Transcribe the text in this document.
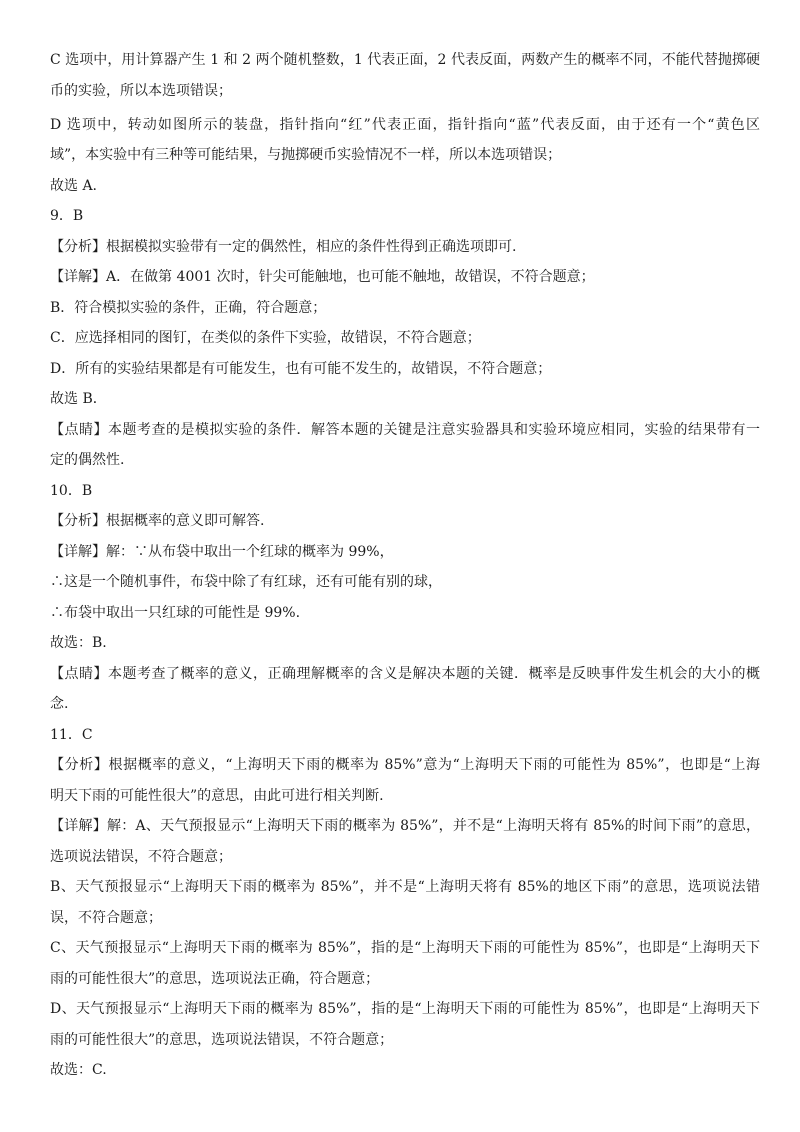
C 选项中，用计算器产生 1 和 2 两个随机整数，1 代表正面，2 代表反面，两数产生的概率不同，不能代替抛掷硬
币的实验，所以本选项错误；
D 选项中，转动如图所示的装盘，指针指向“红”代表正面，指针指向“蓝”代表反面，由于还有一个“黄色区
域”，本实验中有三种等可能结果，与抛掷硬币实验情况不一样，所以本选项错误；
故选 A.
9．B
【分析】根据模拟实验带有一定的偶然性，相应的条件性得到正确选项即可.
【详解】A．在做第 4001 次时，针尖可能触地，也可能不触地，故错误，不符合题意；
B．符合模拟实验的条件，正确，符合题意；
C．应选择相同的图钉，在类似的条件下实验，故错误，不符合题意；
D．所有的实验结果都是有可能发生，也有可能不发生的，故错误，不符合题意；
故选 B．
【点睛】本题考查的是模拟实验的条件．解答本题的关键是注意实验器具和实验环境应相同，实验的结果带有一
定的偶然性.
10．B
【分析】根据概率的意义即可解答.
【详解】解：∵从布袋中取出一个红球的概率为 99%，
∴这是一个随机事件，布袋中除了有红球，还有可能有别的球，
∴布袋中取出一只红球的可能性是 99%.
故选：B.
【点睛】本题考查了概率的意义，正确理解概率的含义是解决本题的关键．概率是反映事件发生机会的大小的概
念.
11．C
【分析】根据概率的意义，“上海明天下雨的概率为 85%”意为“上海明天下雨的可能性为 85%”，也即是“上海
明天下雨的可能性很大”的意思，由此可进行相关判断.
【详解】解：A、天气预报显示“上海明天下雨的概率为 85%”，并不是“上海明天将有 85%的时间下雨”的意思，
选项说法错误，不符合题意；
B、天气预报显示“上海明天下雨的概率为 85%”，并不是“上海明天将有 85%的地区下雨”的意思，选项说法错
误，不符合题意；
C、天气预报显示“上海明天下雨的概率为 85%”，指的是“上海明天下雨的可能性为 85%”，也即是“上海明天下
雨的可能性很大”的意思，选项说法正确，符合题意；
D、天气预报显示“上海明天下雨的概率为 85%”，指的是“上海明天下雨的可能性为 85%”，也即是“上海明天下
雨的可能性很大”的意思，选项说法错误，不符合题意；
故选：C.
